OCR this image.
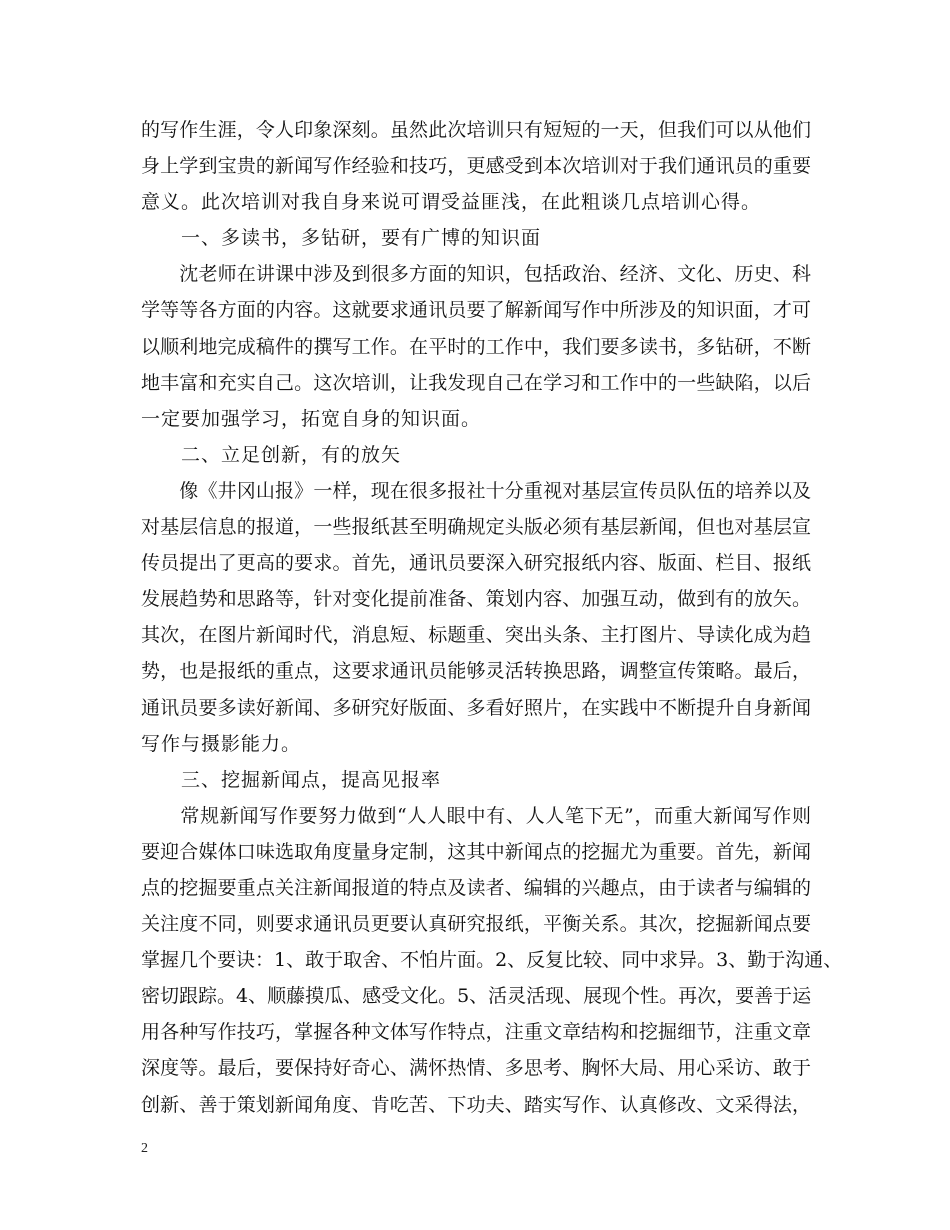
的写作生涯，令人印象深刻。虽然此次培训只有短短的一天，但我们可以从他们
身上学到宝贵的新闻写作经验和技巧，更感受到本次培训对于我们通讯员的重要
意义。此次培训对我自身来说可谓受益匪浅，在此粗谈几点培训心得。
　　一、多读书，多钻研，要有广博的知识面
　　沈老师在讲课中涉及到很多方面的知识，包括政治、经济、文化、历史、科
学等等各方面的内容。这就要求通讯员要了解新闻写作中所涉及的知识面，才可
以顺利地完成稿件的撰写工作。在平时的工作中，我们要多读书，多钻研，不断
地丰富和充实自己。这次培训，让我发现自己在学习和工作中的一些缺陷，以后
一定要加强学习，拓宽自身的知识面。
　　二、立足创新，有的放矢
　　像《井冈山报》一样，现在很多报社十分重视对基层宣传员队伍的培养以及
对基层信息的报道，一些报纸甚至明确规定头版必须有基层新闻，但也对基层宣
传员提出了更高的要求。首先，通讯员要深入研究报纸内容、版面、栏目、报纸
发展趋势和思路等，针对变化提前准备、策划内容、加强互动，做到有的放矢。
其次，在图片新闻时代，消息短、标题重、突出头条、主打图片、导读化成为趋
势，也是报纸的重点，这要求通讯员能够灵活转换思路，调整宣传策略。最后，
通讯员要多读好新闻、多研究好版面、多看好照片，在实践中不断提升自身新闻
写作与摄影能力。
　　三、挖掘新闻点，提高见报率
　　常规新闻写作要努力做到“人人眼中有、人人笔下无”，而重大新闻写作则
要迎合媒体口味选取角度量身定制，这其中新闻点的挖掘尤为重要。首先，新闻
点的挖掘要重点关注新闻报道的特点及读者、编辑的兴趣点，由于读者与编辑的
关注度不同，则要求通讯员更要认真研究报纸，平衡关系。其次，挖掘新闻点要
掌握几个要诀：1、敢于取舍、不怕片面。2、反复比较、同中求异。3、勤于沟通、
密切跟踪。4、顺藤摸瓜、感受文化。5、活灵活现、展现个性。再次，要善于运
用各种写作技巧，掌握各种文体写作特点，注重文章结构和挖掘细节，注重文章
深度等。最后，要保持好奇心、满怀热情、多思考、胸怀大局、用心采访、敢于
创新、善于策划新闻角度、肯吃苦、下功夫、踏实写作、认真修改、文采得法，
2
